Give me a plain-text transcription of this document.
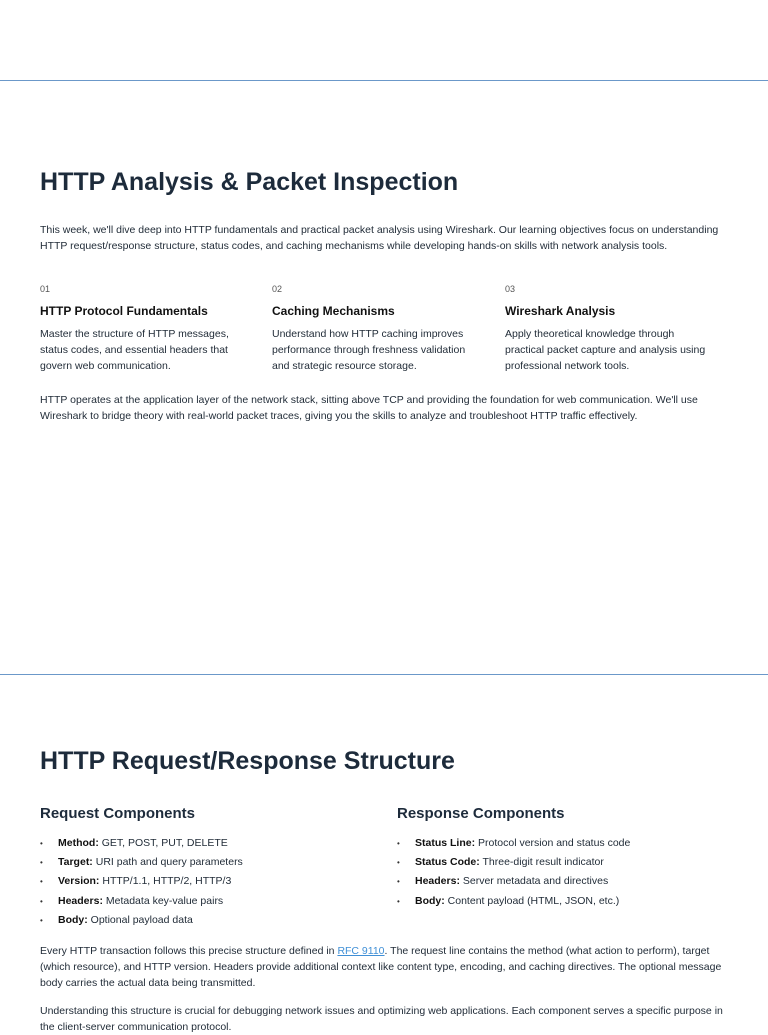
HTTP Analysis & Packet Inspection

This week, we'll dive deep into HTTP fundamentals and practical packet analysis using Wireshark. Our learning objectives focus on understanding HTTP request/response structure, status codes, and caching mechanisms while developing hands-on skills with network analysis tools.

01
HTTP Protocol Fundamentals

Master the structure of HTTP messages, status codes, and essential headers that govern web communication.

02
Caching Mechanisms

Understand how HTTP caching improves performance through freshness validation and strategic resource storage.

03
Wireshark Analysis

Apply theoretical knowledge through practical packet capture and analysis using professional network tools.

HTTP operates at the application layer of the network stack, sitting above TCP and providing the foundation for web communication. We'll use Wireshark to bridge theory with real-world packet traces, giving you the skills to analyze and troubleshoot HTTP traffic effectively.

HTTP Request/Response Structure
Request Components
• Method: GET, POST, PUT, DELETE
• Target: URI path and query parameters
• Version: HTTP/1.1, HTTP/2, HTTP/3
• Headers: Metadata key-value pairs
• Body: Optional payload data
Response Components
• Status Line: Protocol version and status code
• Status Code: Three-digit result indicator
• Headers: Server metadata and directives
• Body: Content payload (HTML, JSON, etc.)

Every HTTP transaction follows this precise structure defined in RFC 9110. The request line contains the method (what action to perform), target (which resource), and HTTP version. Headers provide additional context like content type, encoding, and caching directives. The optional message body carries the actual data being transmitted.

Understanding this structure is crucial for debugging network issues and optimizing web applications. Each component serves a specific purpose in the client-server communication protocol.
